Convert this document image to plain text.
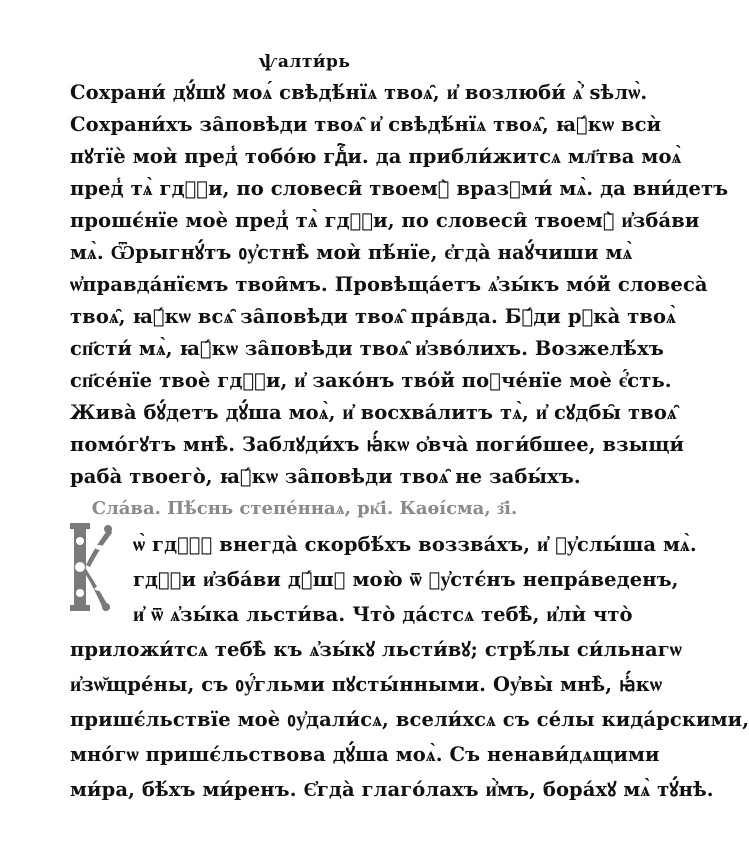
ѱалти́рь
Сохрани́ дꙋ́шꙋ моѧ́ свѣдѣ́нїѧ твоѧ̑, и҆ возлюби́ ѧ҆̀ ѕѣлѡ̀.
Сохрани́хъ за̑повѣди твоѧ̑ и҆ свѣдѣ́нїѧ твоѧ̑, ꙗ҆́кѡ всѝ
пꙋтїѐ моѝ пред̾ тобо́ю гдⷭ҇и. да прибли́житсѧ мл҃тва моѧ̀
пред̾ тѧ̀ гдⷭ҇и, по словеси̑ твоемꙋ̀ вразꙋми́ мѧ̀. да вни́детъ
прошє́нїе моѐ пред̾ тѧ̀ гдⷭ҇и, по словеси̑ твоемꙋ̀ и҆зба́ви
мѧ̀. Ѿрыгнꙋ́тъ ᲂу҆стнѣ̀ моѝ пѣ́нїе, є҆гда̀ наꙋ́чиши мѧ̀
ѡ҆правда́нїємъ твои̑мъ. Провѣща́етъ ѧ҆зы́къ мо́й словеса̀
твоѧ̑, ꙗ҆́кѡ всѧ̑ за̑повѣди твоѧ̑ пра́вда. Бꙋ́ди рꙋка̀ твоѧ̀
сп҃сти́ мѧ̀, ꙗ҆́кѡ за̑повѣди твоѧ̑ и҆зво́лихъ. Возжелѣ́хъ
сп҃се́нїе твоѐ гдⷭ҇и, и҆ зако́нъ тво́й поꙋче́нїе моѐ є҆́сть.
Жива̀ бꙋ́детъ дꙋ́ша моѧ̀, и҆ восхва́литъ тѧ̀, и҆ сꙋдбы̑ твоѧ̑
помо́гꙋтъ мнѣ̀. Заблꙋди́хъ ꙗ҆́кѡ ѻ҆вча̀ поги́бшее, взыщи́
Сла́ва. Пѣ́снь степе́ннаѧ, рк҃і. Каѳі́сма, з҃і.
ѡ̀ гдⷭ҇ꙋ внегда̀ скорбѣ́хъ воззва́хъ, и҆ ᲂу҆слы́ша мѧ̀.
гдⷭ҇и и҆зба́ви дꙋ́шꙋ мою̀ ѿ ᲂу҆стє́нъ непра́веденъ,
и҆ ѿ ѧ҆зы́ка льсти́ва. Что̀ да́стсѧ тебѣ̀, и҆лѝ что̀
приложи́тсѧ тебѣ̀ къ ѧ҆зы́кꙋ льсти́вꙋ; стрѣ́лы си́льнагѡ
и҆зѡ̆щре́ны, съ ᲂу҆́гльми пꙋсты́нными. Оу҆вы̀ мнѣ̀, ꙗ҆́кѡ
пришє́льствїе моѐ ᲂу҆дали́сѧ, всели́хсѧ съ се́лы кида́рскими,
мно́гѡ пришє́льствова дꙋ́ша моѧ̀. Съ ненави́дѧщими
ми́ра, бѣ́хъ ми́ренъ. Є҆гда̀ глаго́лахъ и҆̀мъ, бора́хꙋ мѧ̀ тꙋ́нѣ.
раба̀ твоего̀, ꙗ҆́кѡ за̑повѣди твоѧ̑ не забы́хъ.
